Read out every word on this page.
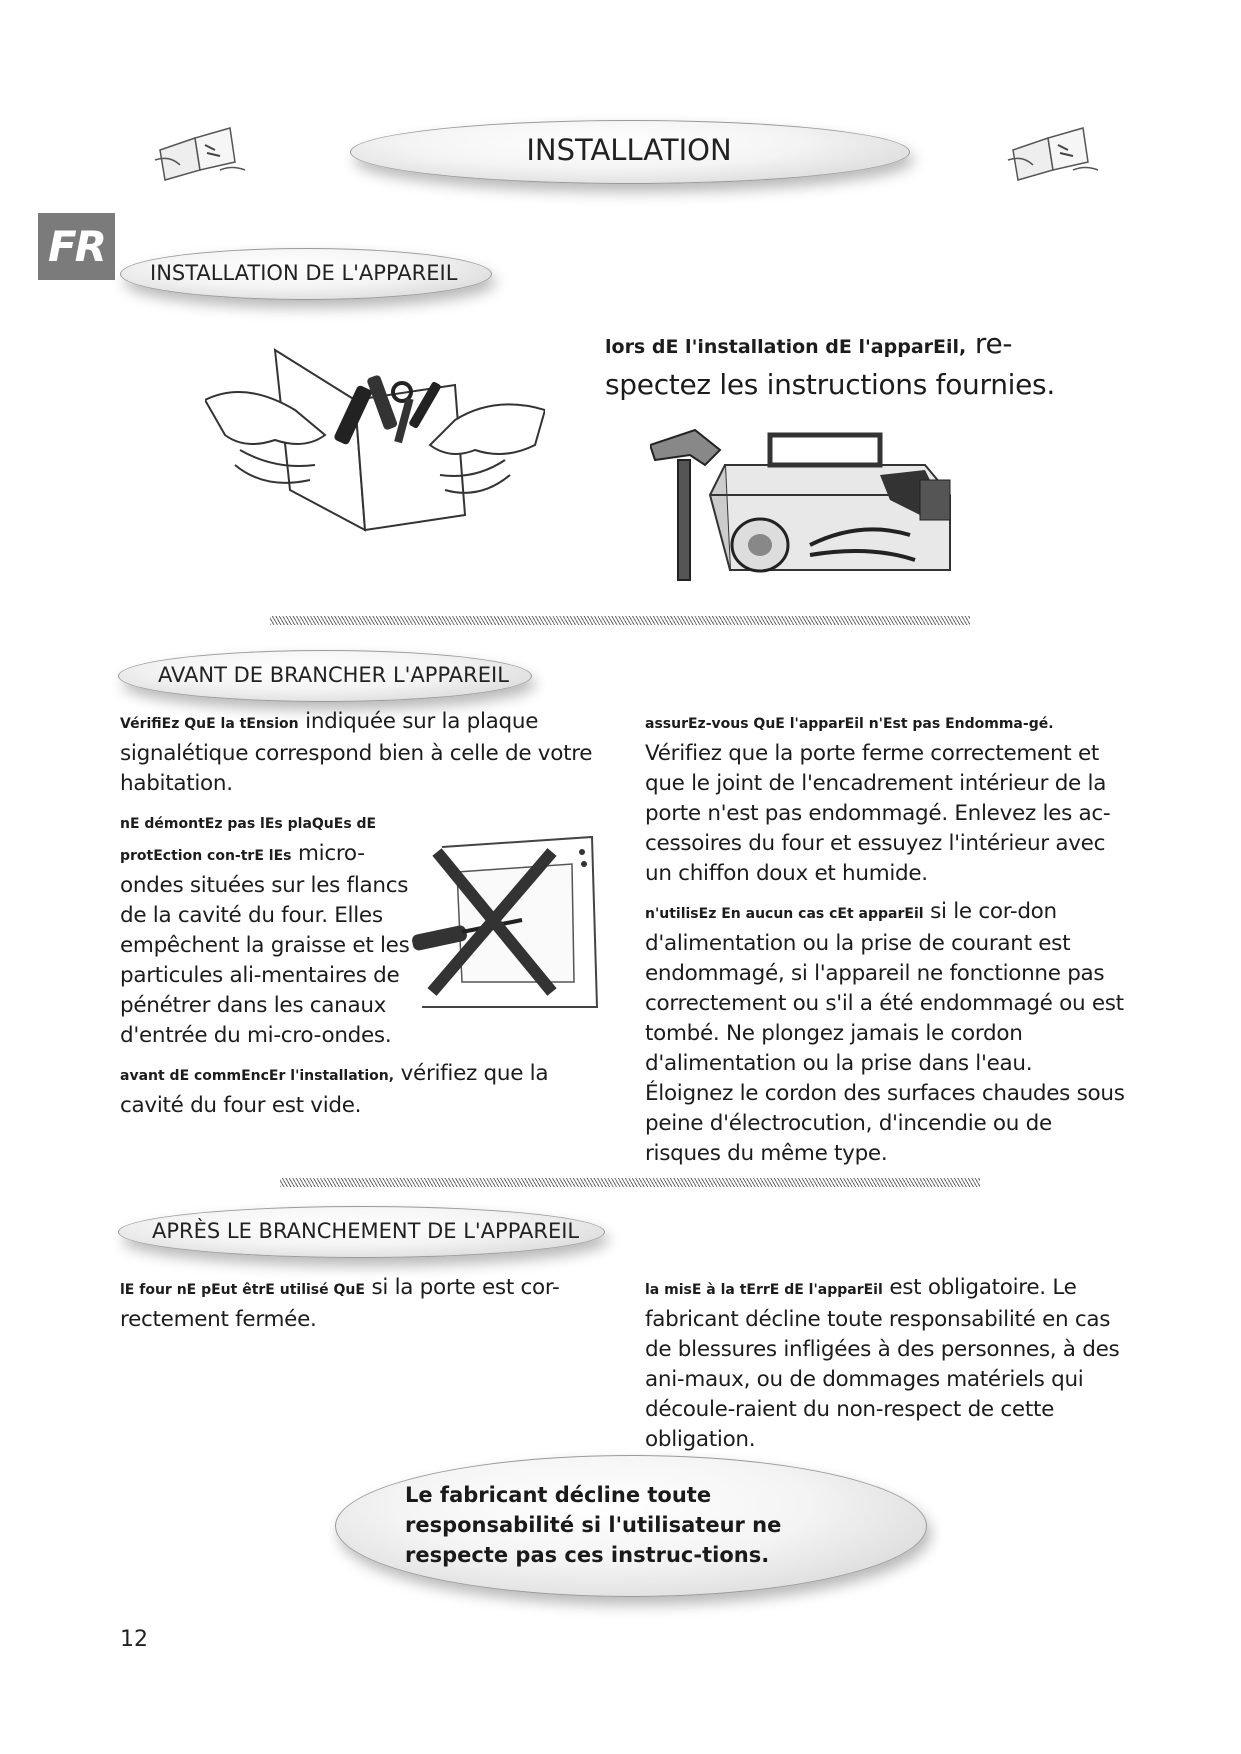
INSTALLATION
FR
INSTALLATION DE L'APPAREIL
lors dE l'installation dE l'apparEil, re-spectez les instructions fournies.
AVANT DE BRANCHER L'APPAREIL

VérifiEz QuE la tEnsion indiquée sur la plaque signalétique correspond bien à celle de votre habitation.

nE démontEz pas lEs plaQuEs dE protEction con-trE lEs micro-ondes situées sur les flancs de la cavité du four. Elles empêchent la graisse et les particules ali-mentaires de pénétrer dans les canaux d'entrée du mi-cro-ondes.

avant dE commEncEr l'installation, vérifiez que la cavité du four est vide.

assurEz-vous QuE l'apparEil n'Est pas Endomma-gé. Vérifiez que la porte ferme correctement et que le joint de l'encadrement intérieur de la porte n'est pas endommagé. Enlevez les ac-cessoires du four et essuyez l'intérieur avec un chiffon doux et humide.

n'utilisEz En aucun cas cEt apparEil si le cor-don d'alimentation ou la prise de courant est endommagé, si l'appareil ne fonctionne pas correctement ou s'il a été endommagé ou est tombé. Ne plongez jamais le cordon d'alimentation ou la prise dans l'eau. Éloignez le cordon des surfaces chaudes sous peine d'électrocution, d'incendie ou de risques du même type.

APRÈS LE BRANCHEMENT DE L'APPAREIL

lE four nE pEut êtrE utilisé QuE si la porte est cor-rectement fermée.

la misE à la tErrE dE l'apparEil est obligatoire. Le fabricant décline toute responsabilité en cas de blessures infligées à des personnes, à des ani-maux, ou de dommages matériels qui découle-raient du non-respect de cette obligation.

Le fabricant décline toute responsabilité si l'utilisateur ne respecte pas ces instruc-tions.
12
